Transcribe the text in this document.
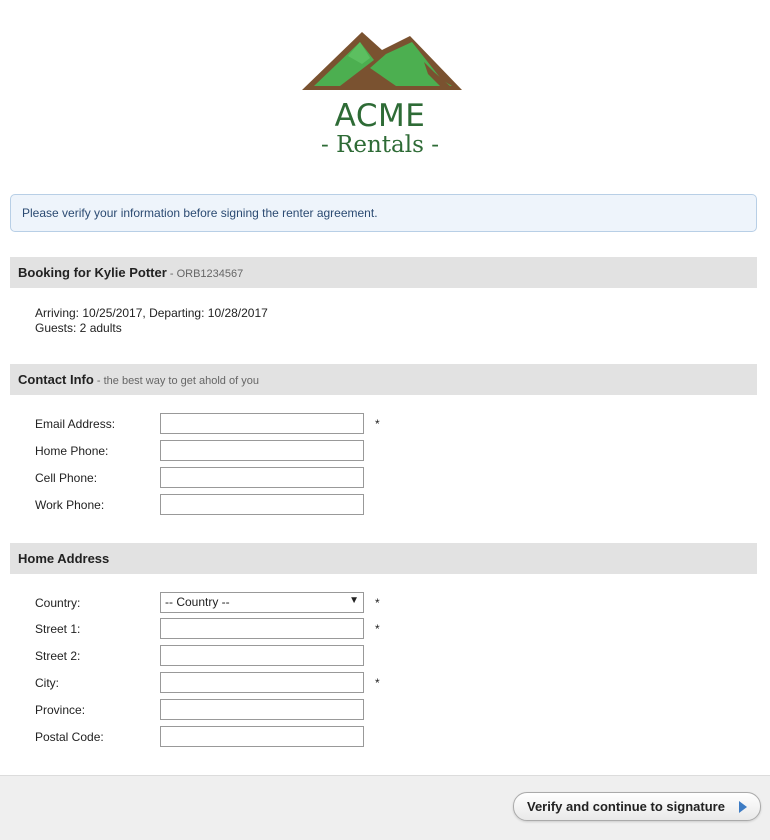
ACME
- Rentals -
Please verify your information before signing the renter agreement.
Booking for Kylie Potter - ORB1234567
Arriving: 10/25/2017, Departing: 10/28/2017
Guests: 2 adults
Contact Info - the best way to get ahold of you
Email Address:	*
Home Phone:
Cell Phone:
Work Phone:
Home Address
Country:	-- Country --	▼ *
Street 1:	*
Street 2:
City:	*
Province:
Postal Code:
Verify and continue to signature
